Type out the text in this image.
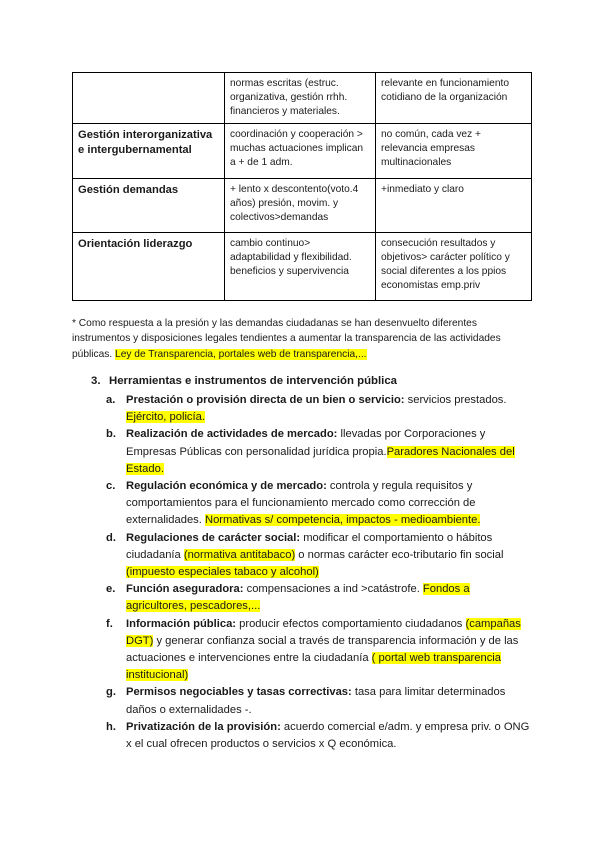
	normas escritas (estruc. organizativa, gestión rrhh. financieros y materiales.	relevante en funcionamiento cotidiano de la organización
Gestión interorganizativa e intergubernamental	coordinación y cooperación > muchas actuaciones implican a + de 1 adm.	no común, cada vez + relevancia empresas multinacionales
Gestión demandas	+ lento x descontento(voto.4 años) presión, movim. y colectivos>demandas	+inmediato y claro
Orientación liderazgo	cambio continuo> adaptabilidad y flexibilidad. beneficios y supervivencia	consecución resultados y objetivos> carácter político y social diferentes a los ppios economistas emp.priv
* Como respuesta a la presión y las demandas ciudadanas se han desenvuelto diferentes instrumentos y disposiciones legales tendientes a aumentar la transparencia de las actividades públicas. Ley de Transparencia, portales web de transparencia,...
3. Herramientas e instrumentos de intervención pública
a. Prestación o provisión directa de un bien o servicio: servicios prestados. Ejército, policía.
b. Realización de actividades de mercado: llevadas por Corporaciones y Empresas Públicas con personalidad jurídica propia.Paradores Nacionales del Estado.
c. Regulación económica y de mercado: controla y regula requisitos y comportamientos para el funcionamiento mercado como corrección de externalidades. Normativas s/ competencia, impactos - medioambiente.
d. Regulaciones de carácter social: modificar el comportamiento o hábitos ciudadanía (normativa antitabaco) o normas carácter eco-tributario fin social (impuesto especiales tabaco y alcohol)
e. Función aseguradora: compensaciones a ind >catástrofe. Fondos a agricultores, pescadores,...
f. Información pública: producir efectos comportamiento ciudadanos (campañas DGT) y generar confianza social a través de transparencia información y de las actuaciones e intervenciones entre la ciudadanía ( portal web transparencia institucional)
g. Permisos negociables y tasas correctivas: tasa para limitar determinados daños o externalidades -.
h. Privatización de la provisión: acuerdo comercial e/adm. y empresa priv. o ONG x el cual ofrecen productos o servicios x Q económica.
